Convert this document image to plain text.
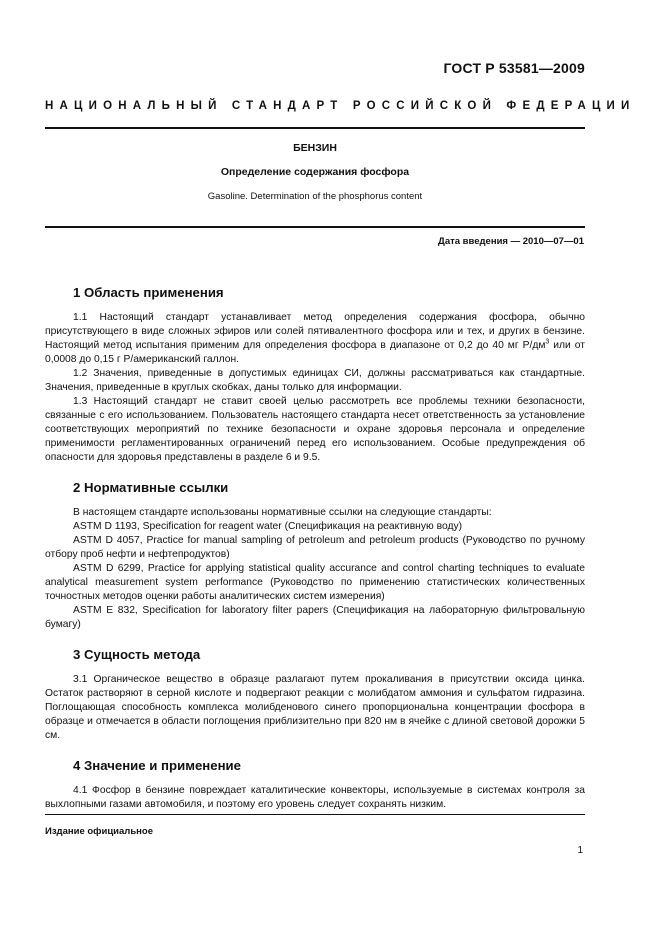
ГОСТ Р 53581—2009
НАЦИОНАЛЬНЫЙ СТАНДАРТ РОССИЙСКОЙ ФЕДЕРАЦИИ
БЕНЗИН
Определение содержания фосфора
Gasoline. Determination of the phosphorus content
Дата введения — 2010—07—01
1 Область применения

1.1 Настоящий стандарт устанавливает метод определения содержания фосфора, обычно присутствующего в виде сложных эфиров или солей пятивалентного фосфора или и тех, и других в бензине. Настоящий метод испытания применим для определения фосфора в диапазоне от 0,2 до 40 мг $Р/дм^3$ или от 0,0008 до 0,15 г Р/американский галлон.

1.2 Значения, приведенные в допустимых единицах СИ, должны рассматриваться как стандартные. Значения, приведенные в круглых скобках, даны только для информации.

1.3 Настоящий стандарт не ставит своей целью рассмотреть все проблемы техники безопасности, связанные с его использованием. Пользователь настоящего стандарта несет ответственность за установление соответствующих мероприятий по технике безопасности и охране здоровья персонала и определение применимости регламентированных ограничений перед его использованием. Особые предупреждения об опасности для здоровья представлены в разделе 6 и 9.5.

2 Нормативные ссылки

В настоящем стандарте использованы нормативные ссылки на следующие стандарты:

ASTM D 1193, Specification for reagent water (Спецификация на реактивную воду)

ASTM D 4057, Practice for manual sampling of petroleum and petroleum products (Руководство по ручному отбору проб нефти и нефтепродуктов)

ASTM D 6299, Practice for applying statistical quality accurance and control charting techniques to evaluate analytical measurement system performance (Руководство по применению статистических количественных точностных методов оценки работы аналитических систем измерения)

ASTM E 832, Specification for laboratory filter papers (Спецификация на лабораторную фильтровальную бумагу)

3 Сущность метода

3.1 Органическое вещество в образце разлагают путем прокаливания в присутствии оксида цинка. Остаток растворяют в серной кислоте и подвергают реакции с молибдатом аммония и сульфатом гидразина. Поглощающая способность комплекса молибденового синего пропорциональна концентрации фосфора в образце и отмечается в области поглощения приблизительно при 820 нм в ячейке с длиной световой дорожки 5 см.

4 Значение и применение

4.1 Фосфор в бензине повреждает каталитические конвекторы, используемые в системах контроля за выхлопными газами автомобиля, и поэтому его уровень следует сохранять низким.

Издание официальное
1
